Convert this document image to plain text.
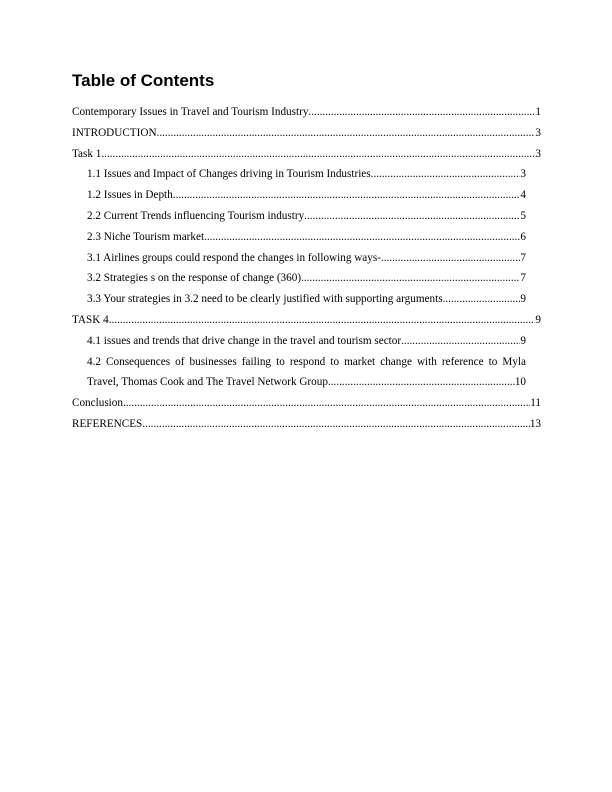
Table of Contents
Contemporary Issues in Travel and Tourism Industry .....	1
INTRODUCTION .....	3
Task 1 .....	3
1.1 Issues and Impact of Changes driving in Tourism Industries .....	3
1.2 Issues in Depth .....	4
2.2 Current Trends influencing Tourism industry .....	5
2.3 Niche Tourism market .....	6
3.1 Airlines groups could respond the changes in following ways- .....	7
3.2 Strategies s on the response of change (360) .....	7
3.3 Your strategies in 3.2 need to be clearly justified with supporting arguments .....	9
TASK 4 .....	9
4.1 issues and trends that drive change in the travel and tourism sector .....	9
4.2 Consequences of businesses failing to respond to market change with reference to Myla
Travel, Thomas Cook and The Travel Network Group .....	10
Conclusion .....	11
REFERENCES .....	13
